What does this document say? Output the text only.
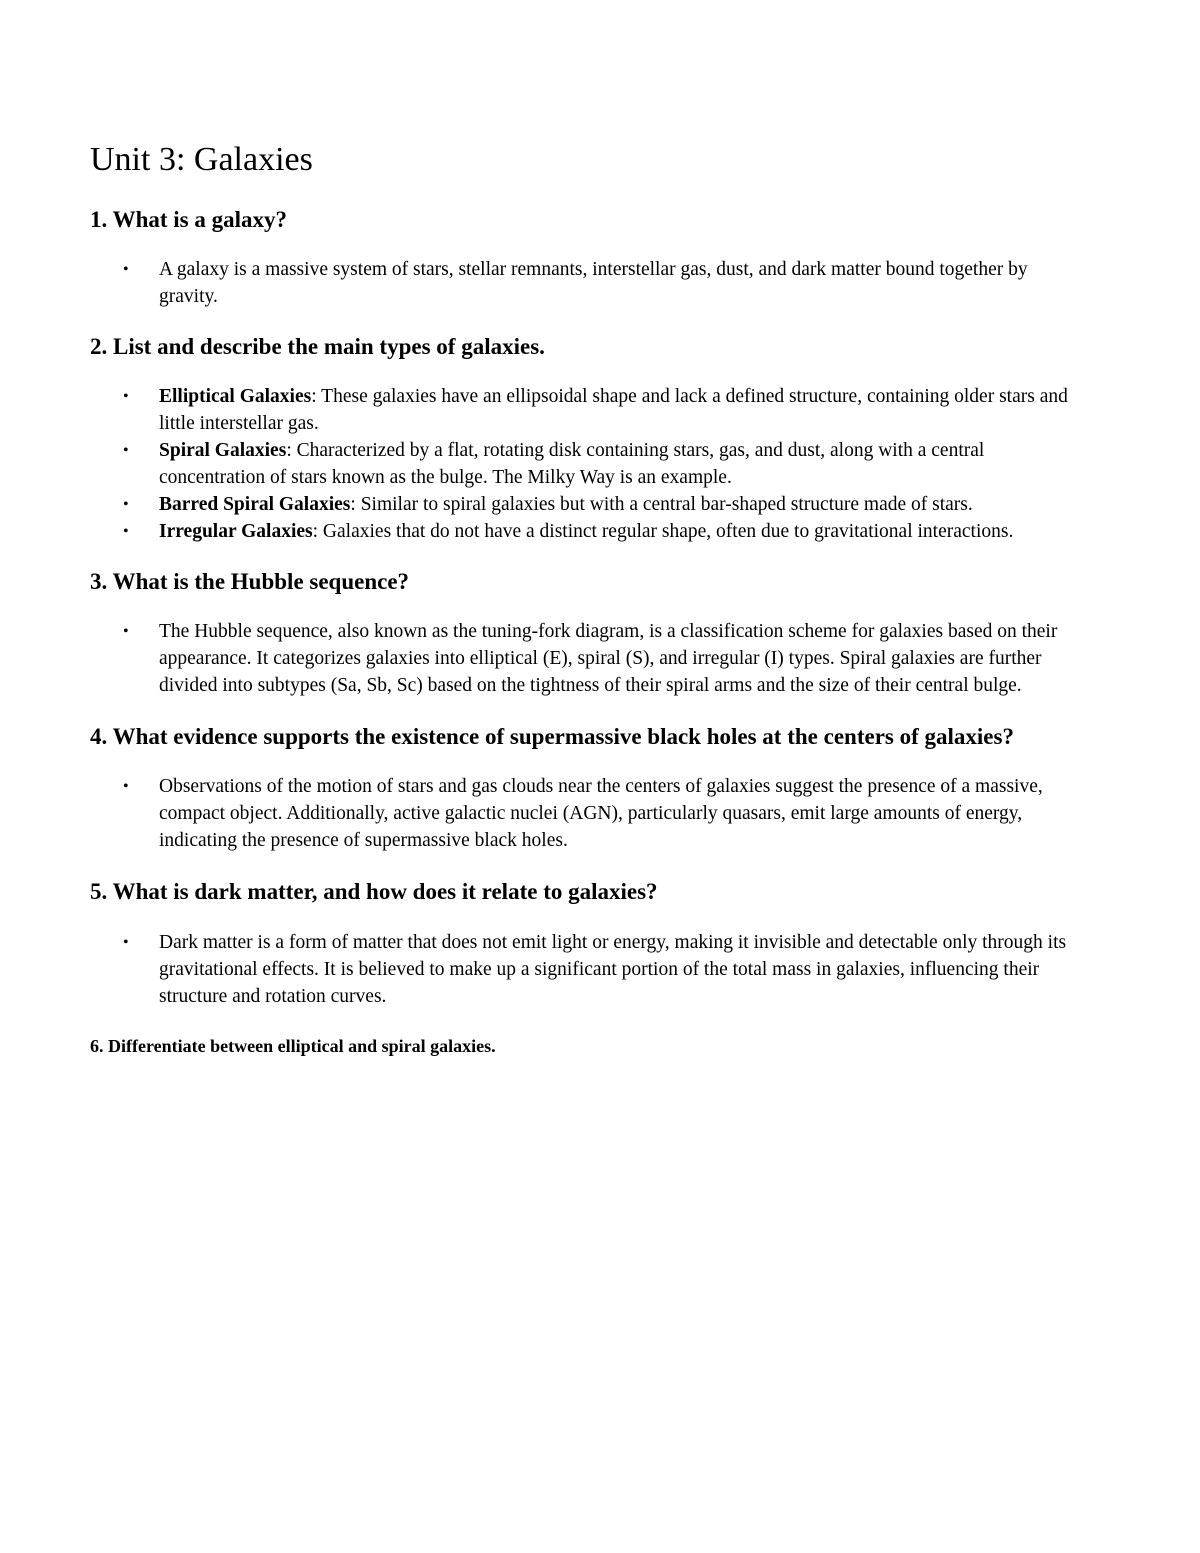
Unit 3: Galaxies
1. What is a galaxy?
• A galaxy is a massive system of stars, stellar remnants, interstellar gas, dust, and dark matter bound together by gravity.
2. List and describe the main types of galaxies.
• Elliptical Galaxies: These galaxies have an ellipsoidal shape and lack a defined structure, containing older stars and little interstellar gas.
• Spiral Galaxies: Characterized by a flat, rotating disk containing stars, gas, and dust, along with a central concentration of stars known as the bulge. The Milky Way is an example.
• Barred Spiral Galaxies: Similar to spiral galaxies but with a central bar-shaped structure made of stars.
• Irregular Galaxies: Galaxies that do not have a distinct regular shape, often due to gravitational interactions.
3. What is the Hubble sequence?
• The Hubble sequence, also known as the tuning-fork diagram, is a classification scheme for galaxies based on their appearance. It categorizes galaxies into elliptical (E), spiral (S), and irregular (I) types. Spiral galaxies are further divided into subtypes (Sa, Sb, Sc) based on the tightness of their spiral arms and the size of their central bulge.
4. What evidence supports the existence of supermassive black holes at the centers of galaxies?
• Observations of the motion of stars and gas clouds near the centers of galaxies suggest the presence of a massive, compact object. Additionally, active galactic nuclei (AGN), particularly quasars, emit large amounts of energy, indicating the presence of supermassive black holes.
5. What is dark matter, and how does it relate to galaxies?
• Dark matter is a form of matter that does not emit light or energy, making it invisible and detectable only through its gravitational effects. It is believed to make up a significant portion of the total mass in galaxies, influencing their structure and rotation curves.
6. Differentiate between elliptical and spiral galaxies.
